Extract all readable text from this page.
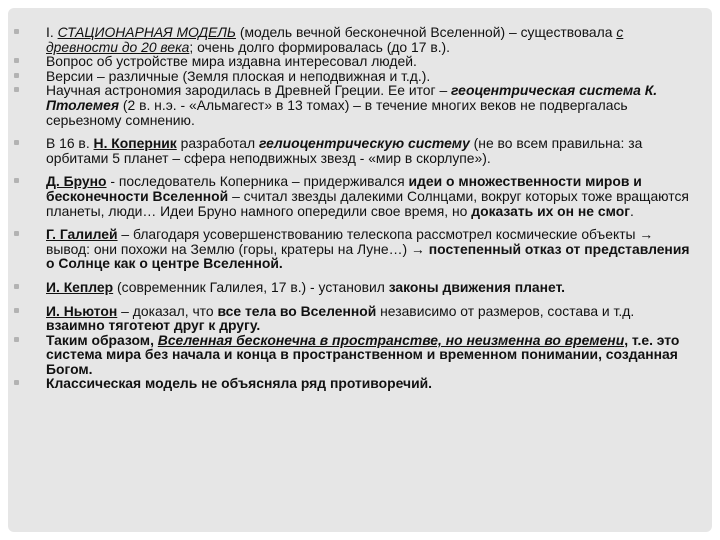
I. СТАЦИОНАРНАЯ МОДЕЛЬ (модель вечной бесконечной Вселенной) – существовала с древности до 20 века; очень долго формировалась (до 17 в.).
Вопрос об устройстве мира издавна интересовал людей.
Версии – различные (Земля плоская и неподвижная и т.д.).
Научная астрономия зародилась в Древней Греции. Ее итог – геоцентрическая система К. Птолемея (2 в. н.э. - «Альмагест» в 13 томах) – в течение многих веков не подвергалась серьезному сомнению.
В 16 в. Н. Коперник разработал гелиоцентрическую систему (не во всем правильна: за орбитами 5 планет – сфера неподвижных звезд - «мир в скорлупе»).
Д. Бруно - последователь Коперника – придерживался идеи о множественности миров и бесконечности Вселенной – считал звезды далекими Солнцами, вокруг которых тоже вращаются планеты, люди… Идеи Бруно намного опередили свое время, но доказать их он не смог.
Г. Галилей – благодаря усовершенствованию телескопа рассмотрел космические объекты → вывод: они похожи на Землю (горы, кратеры на Луне…) → постепенный отказ от представления о Солнце как о центре Вселенной.
И. Кеплер (современник Галилея, 17 в.) - установил законы движения планет.
И. Ньютон – доказал, что все тела во Вселенной независимо от размеров, состава и т.д. взаимно тяготеют друг к другу.
Таким образом, Вселенная бесконечна в пространстве, но неизменна во времени, т.е. это система мира без начала и конца в пространственном и временном понимании, созданная Богом.
Классическая модель не объясняла ряд противоречий.
